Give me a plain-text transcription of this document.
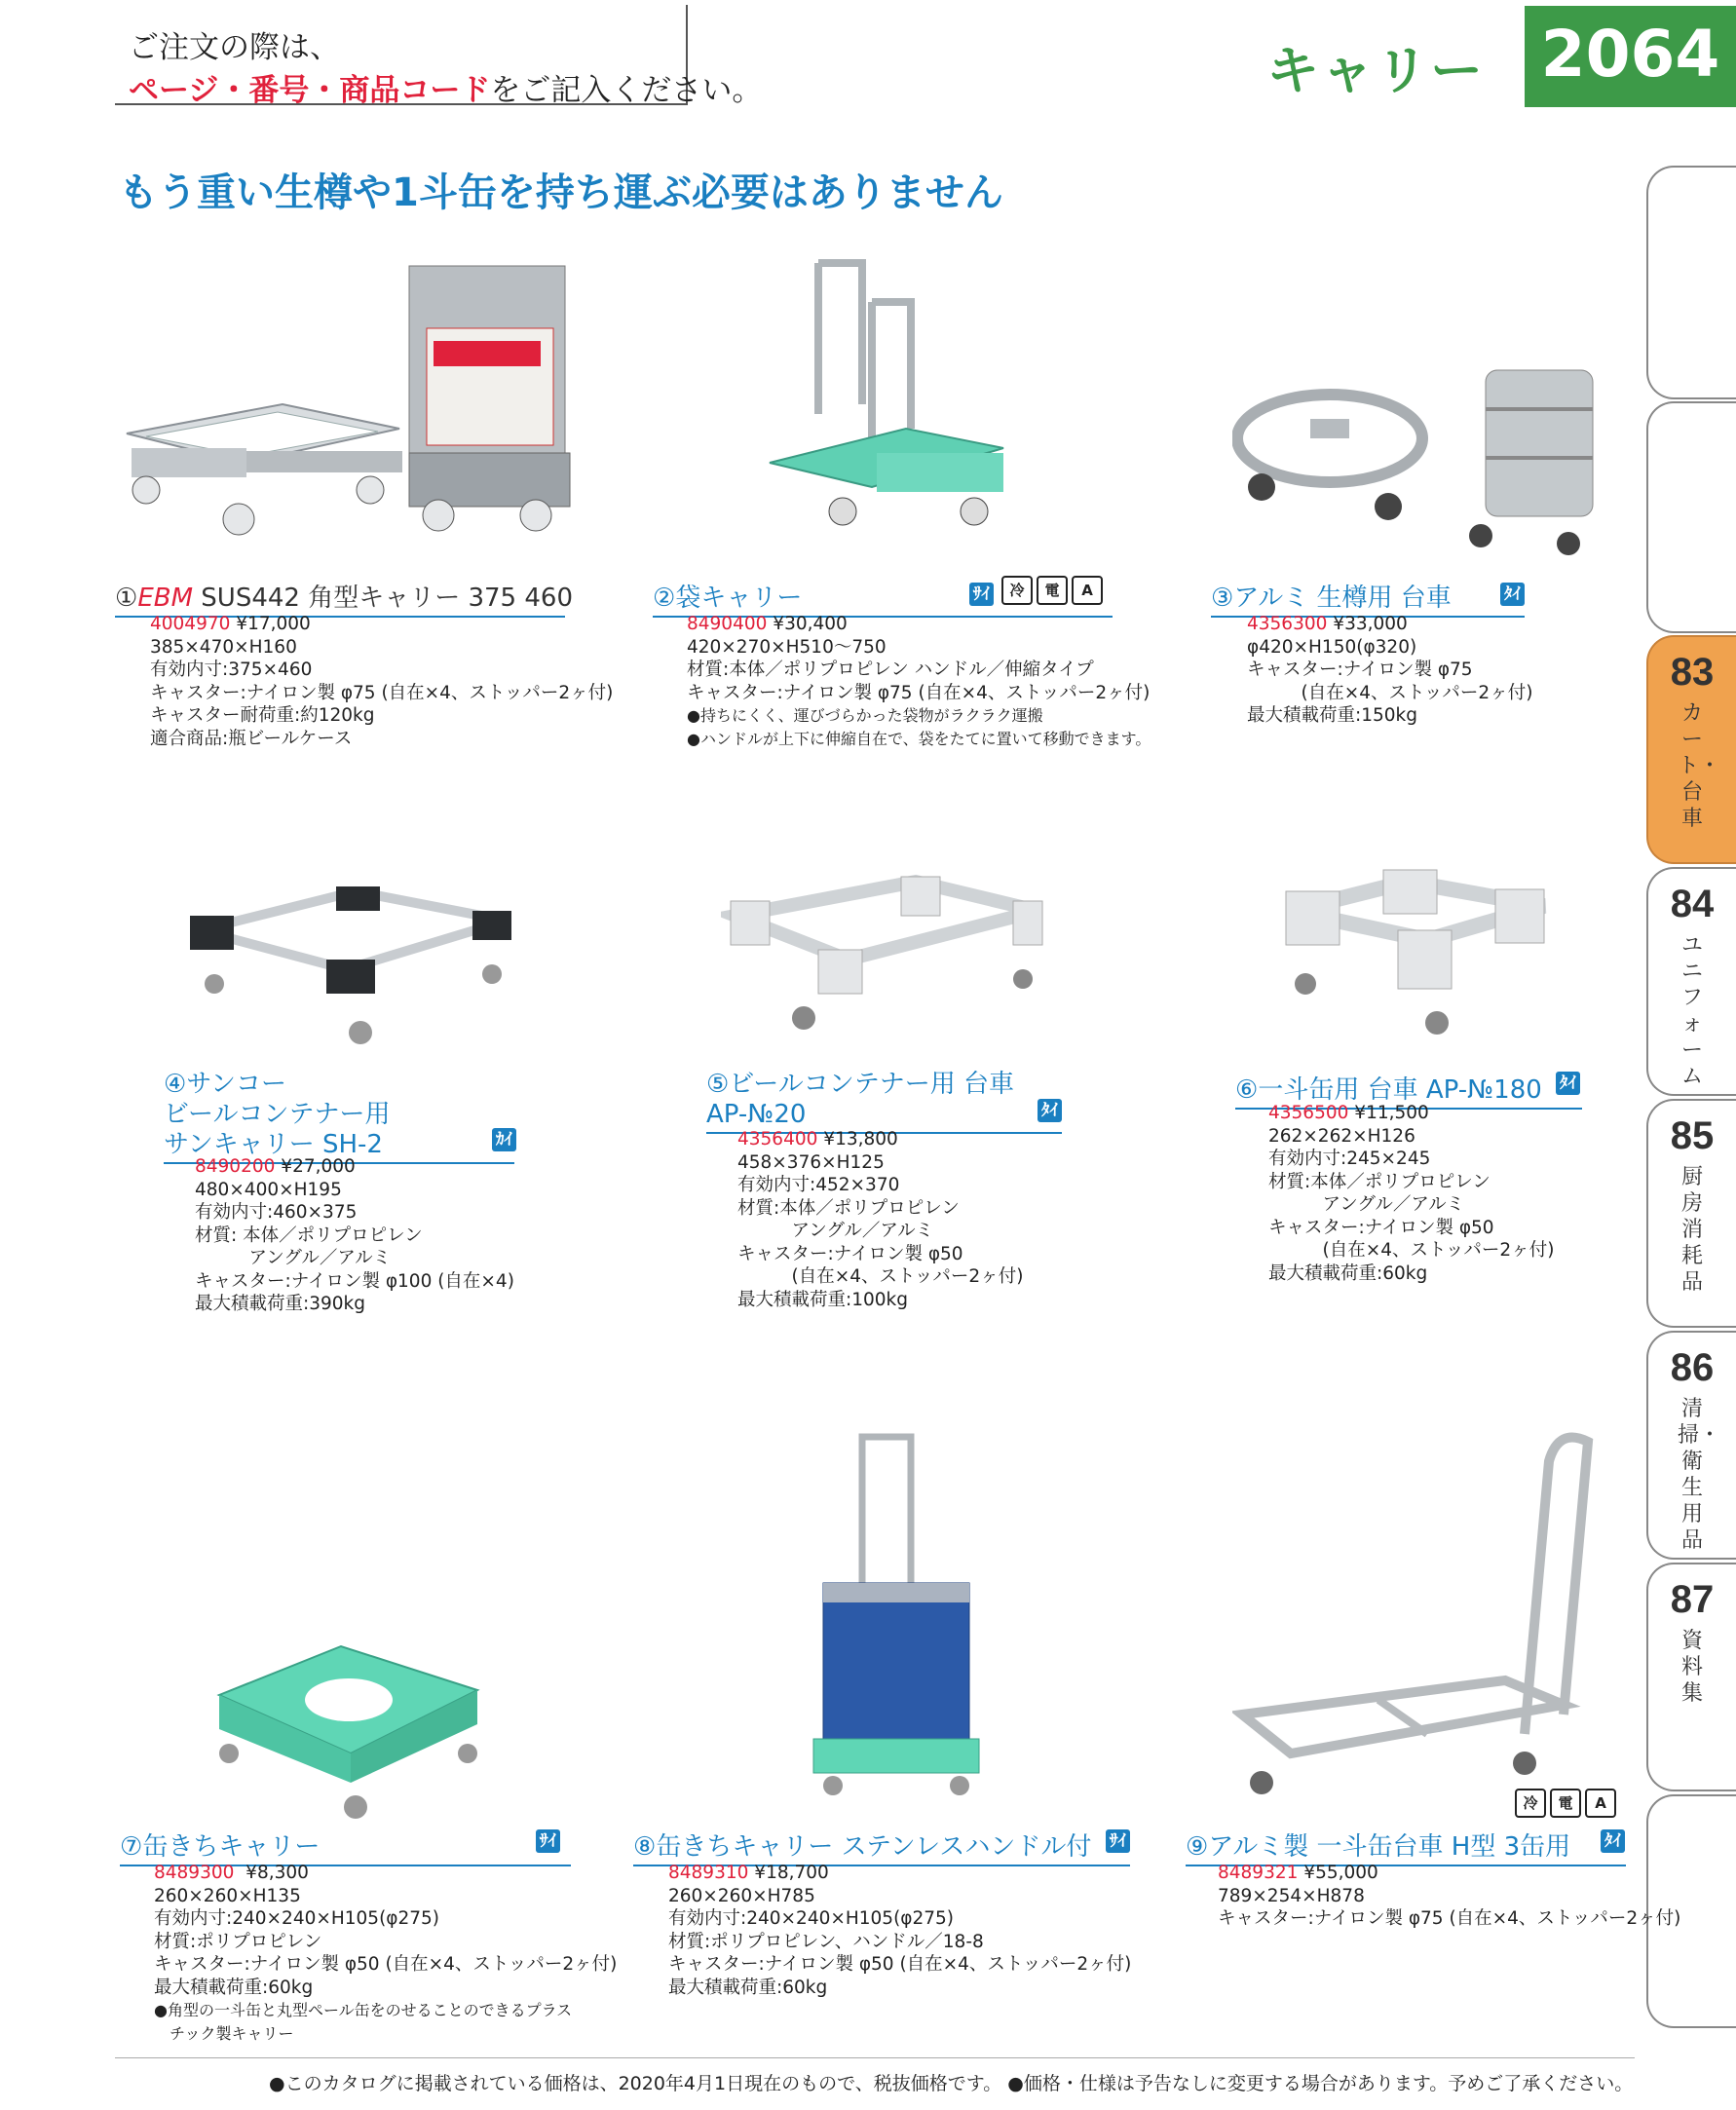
ご注文の際は、
ページ・番号・商品コードをご記入ください。	キャリー 2064
もう重い生樽や1斗缶を持ち運ぶ必要はありません
83
カート・台車
84
ユニフォーム
85
厨房消耗品
86
清掃・衛生用品
87
資料集
①EBM SUS442 角型キャリー 375 460
4004970 ¥17,000
385×470×H160
有効内寸:375×460
キャスター:ナイロン製 φ75 (自在×4、ストッパー2ヶ付)
キャスター耐荷重:約120kg
適合商品:瓶ビールケース
②袋キャリー	ｻｲ	冷	電	A
8490400 ¥30,400
420×270×H510～750
材質:本体／ポリプロピレン ハンドル／伸縮タイプ
キャスター:ナイロン製 φ75 (自在×4、ストッパー2ヶ付)
●持ちにくく、運びづらかった袋物がラクラク運搬
●ハンドルが上下に伸縮自在で、袋をたてに置いて移動できます。
③アルミ 生樽用 台車	ﾀｲ
4356300 ¥33,000
φ420×H150(φ320)
キャスター:ナイロン製 φ75
　　　(自在×4、ストッパー2ヶ付)
最大積載荷重:150kg
④サンコー
ビールコンテナー用
サンキャリー SH-2	ｶｲ
8490200 ¥27,000
480×400×H195
有効内寸:460×375
材質: 本体／ポリプロピレン
　　　アングル／アルミ
キャスター:ナイロン製 φ100 (自在×4)
最大積載荷重:390kg
⑤ビールコンテナー用 台車
AP-№20	ﾀｲ
4356400 ¥13,800
458×376×H125
有効内寸:452×370
材質:本体／ポリプロピレン
　　　アングル／アルミ
キャスター:ナイロン製 φ50
　　　(自在×4、ストッパー2ヶ付)
最大積載荷重:100kg
⑥一斗缶用 台車 AP-№180	ﾀｲ
4356500 ¥11,500
262×262×H126
有効内寸:245×245
材質:本体／ポリプロピレン
　　　アングル／アルミ
キャスター:ナイロン製 φ50
　　　(自在×4、ストッパー2ヶ付)
最大積載荷重:60kg
⑦缶きちキャリー	ｻｲ
8489300 ¥8,300
260×260×H135
有効内寸:240×240×H105(φ275)
材質:ポリプロピレン
キャスター:ナイロン製 φ50 (自在×4、ストッパー2ヶ付)
最大積載荷重:60kg
●角型の一斗缶と丸型ペール缶をのせることのできるプラス
　チック製キャリー
⑧缶きちキャリー ステンレスハンドル付	ｻｲ
8489310 ¥18,700
260×260×H785
有効内寸:240×240×H105(φ275)
材質:ポリプロピレン、ハンドル／18-8
キャスター:ナイロン製 φ50 (自在×4、ストッパー2ヶ付)
最大積載荷重:60kg
冷	電	A
⑨アルミ製 一斗缶台車 H型 3缶用	ﾀｲ
8489321 ¥55,000
789×254×H878
キャスター:ナイロン製 φ75 (自在×4、ストッパー2ヶ付)
●このカタログに掲載されている価格は、2020年4月1日現在のもので、税抜価格です。 ●価格・仕様は予告なしに変更する場合があります。予めご了承ください。
